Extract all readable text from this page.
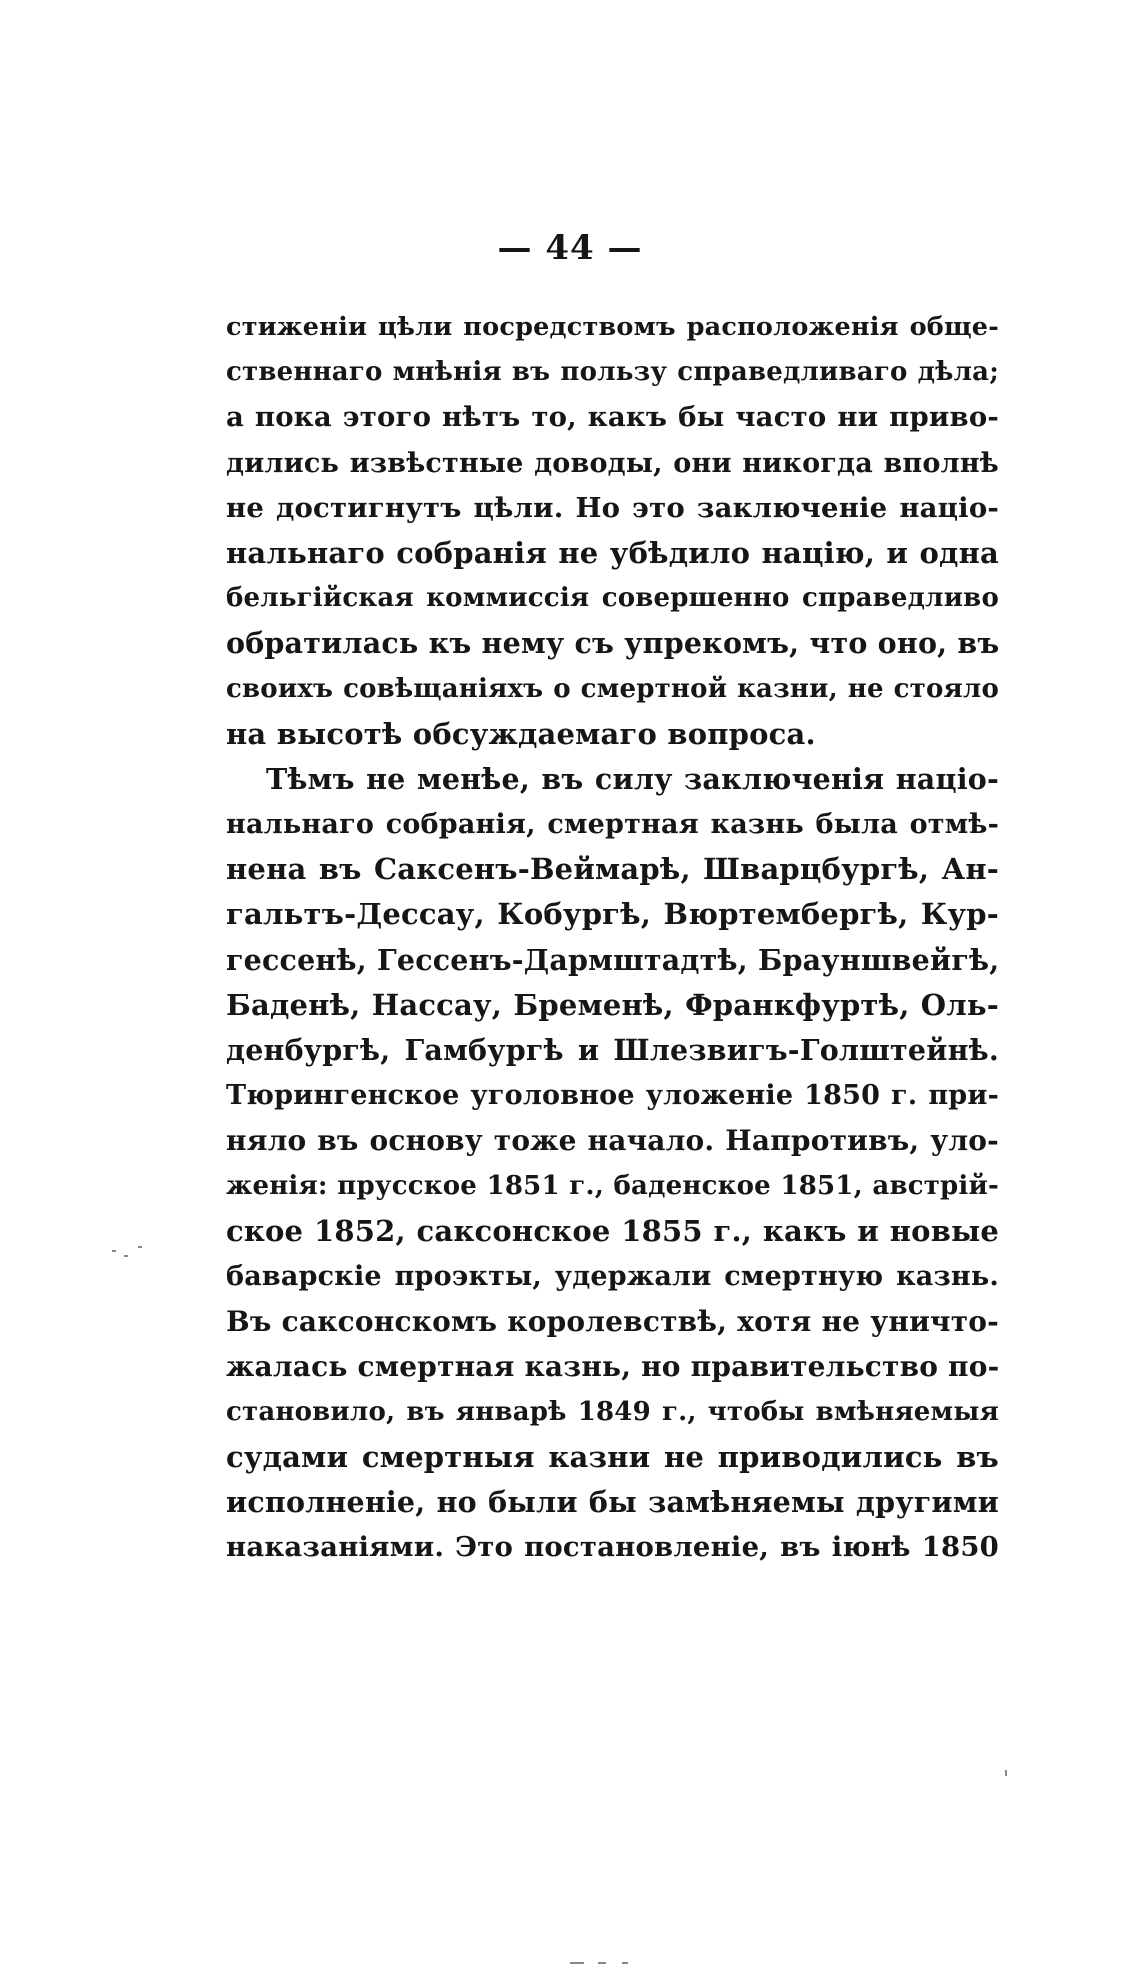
— 44 —
стиженіи цѣли посредствомъ расположенія обще-
ственнаго мнѣнія въ пользу справедливаго дѣла;
а пока этого нѣтъ то, какъ бы часто ни приво-
дились извѣстные доводы, они никогда вполнѣ
не достигнутъ цѣли. Но это заключеніе націо-
нальнаго собранія не убѣдило націю, и одна
бельгійская коммиссія совершенно справедливо
обратилась къ нему съ упрекомъ, что оно, въ
своихъ совѣщаніяхъ о смертной казни, не стояло
на высотѣ обсуждаемаго вопроса.
Тѣмъ не менѣе, въ силу заключенія націо-
нальнаго собранія, смертная казнь была отмѣ-
нена въ Саксенъ-Веймарѣ, Шварцбургѣ, Ан-
гальтъ-Дессау, Кобургѣ, Вюртембергѣ, Кур-
гессенѣ, Гессенъ-Дармштадтѣ, Брауншвейгѣ,
Баденѣ, Нассау, Бременѣ, Франкфуртѣ, Оль-
денбургѣ, Гамбургѣ и Шлезвигъ-Голштейнѣ.
Тюрингенское уголовное уложеніе 1850 г. при-
няло въ основу тоже начало. Напротивъ, уло-
женія: прусское 1851 г., баденское 1851, австрій-
ское 1852, саксонское 1855 г., какъ и новые
баварскіе проэкты, удержали смертную казнь.
Въ саксонскомъ королевствѣ, хотя не уничто-
жалась смертная казнь, но правительство по-
становило, въ январѣ 1849 г., чтобы вмѣняемыя
судами смертныя казни не приводились въ
исполненіе, но были бы замѣняемы другими
наказаніями. Это постановленіе, въ іюнѣ 1850
